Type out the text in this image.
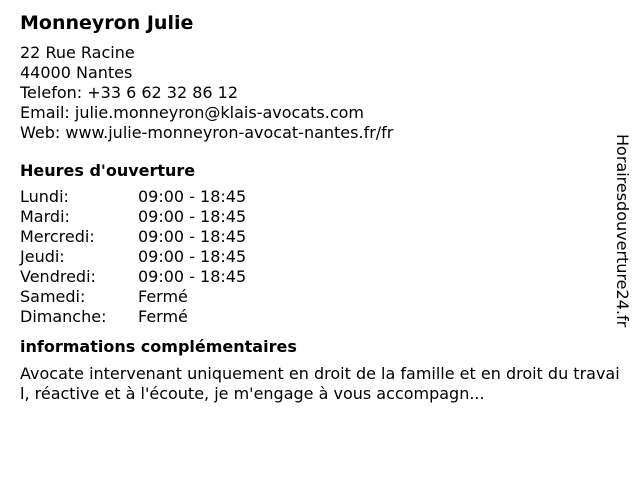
Monneyron Julie
22 Rue Racine
44000 Nantes
Telefon: +33 6 62 32 86 12
Email: julie.monneyron@klais-avocats.com
Web: www.julie-monneyron-avocat-nantes.fr/fr
Heures d'ouverture
Lundi:	09:00 - 18:45
Mardi:	09:00 - 18:45
Mercredi:	09:00 - 18:45
Jeudi:	09:00 - 18:45
Vendredi:	09:00 - 18:45
Samedi:	Fermé
Dimanche:	Fermé
informations complémentaires
Avocate intervenant uniquement en droit de la famille et en droit du travail, réactive et à l'écoute, je m'engage à vous accompagn...
Horairesdouverture24.fr
